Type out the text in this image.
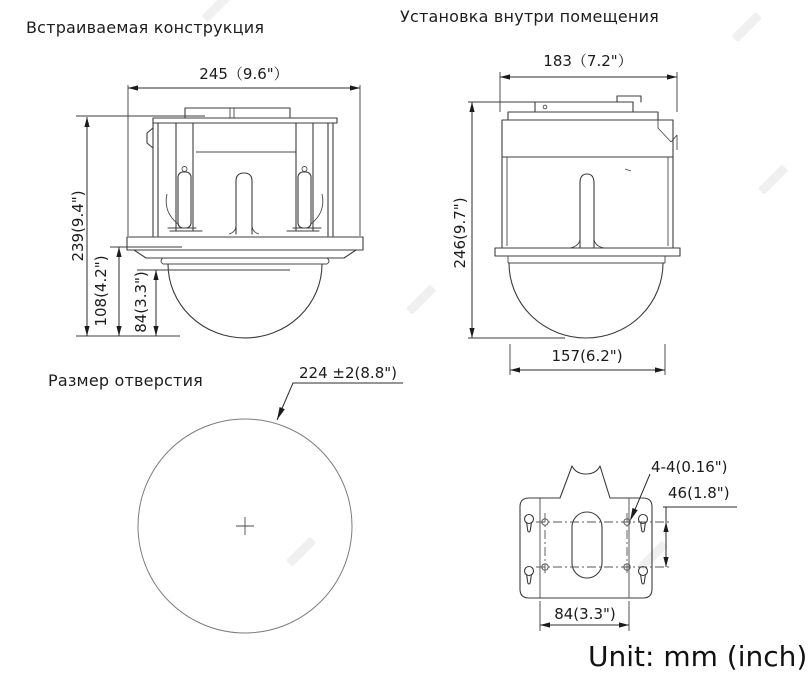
Встраиваемая конструкция
Установка внутри помещения
Размер отверстия
Unit: mm (inch)
245（9.6"）
239(9.4")
108(4.2") 84(3.3")
183（7.2"）
246(9.7")
157(6.2")
224 ±2(8.8")
4-4(0.16")
46(1.8")
84(3.3")
